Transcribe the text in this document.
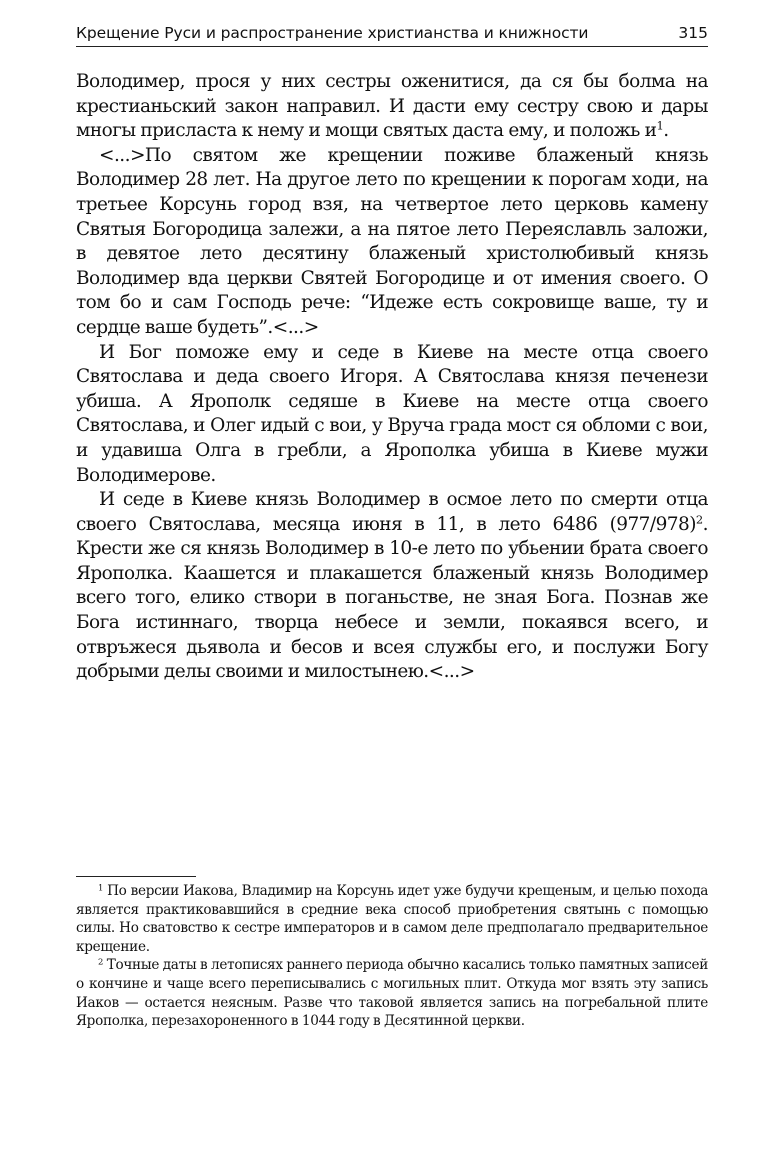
Крещение Руси и распространение христианства и книжности	315

Володимер, прося у них сестры оженитися, да ся бы болма на крестианьский закон направил. И дасти ему сестру свою и дары многы присласта к нему и мощи святых даста ему, и положь $и^1$.

<...>По святом же крещении поживе блаженый князь Володимер 28 лет. На другое лето по крещении к порогам ходи, на третьее Корсунь город взя, на четвертое лето церковь камену Святыя Богородица залежи, а на пятое лето Переяславль заложи, в девятое лето десятину блаженый христолюбивый князь Володимер вда церкви Святей Богородице и от имения своего. О том бо и сам Господь рече: “Идеже есть сокровище ваше, ту и сердце ваше будеть”.<...>

И Бог поможе ему и седе в Киеве на месте отца своего Святослава и деда своего Игоря. А Святослава князя печенези убиша. А Ярополк седяше в Киеве на месте отца своего Святослава, и Олег идый с вои, у Вруча града мост ся обломи с вои, и удавиша Олга в гребли, а Ярополка убиша в Киеве мужи Володимерове.

И седе в Киеве князь Володимер в осмое лето по смерти отца своего Святослава, месяца июня в 11, в лето 6486 $(977/978)^2$. Крести же ся князь Володимер в 10-е лето по убьении брата своего Ярополка. Каашется и плакашется блаженый князь Володимер всего того, елико створи в поганьстве, не зная Бога. Познав же Бога истиннаго, творца небесе и земли, покаявся всего, и отвръжеся дьявола и бесов и всея службы его, и послужи Богу добрыми делы своими и милостынею.<...>

$^1$ По версии Иакова, Владимир на Корсунь идет уже будучи крещеным, и целью похода является практиковавшийся в средние века способ приобретения святынь с помощью силы. Но сватовство к сестре императоров и в самом деле предполагало предварительное крещение.

$^2$ Точные даты в летописях раннего периода обычно касались только памятных записей о кончине и чаще всего переписывались с могильных плит. Откуда мог взять эту запись Иаков — остается неясным. Разве что таковой является запись на погребальной плите Ярополка, перезахороненного в 1044 году в Десятинной церкви.
